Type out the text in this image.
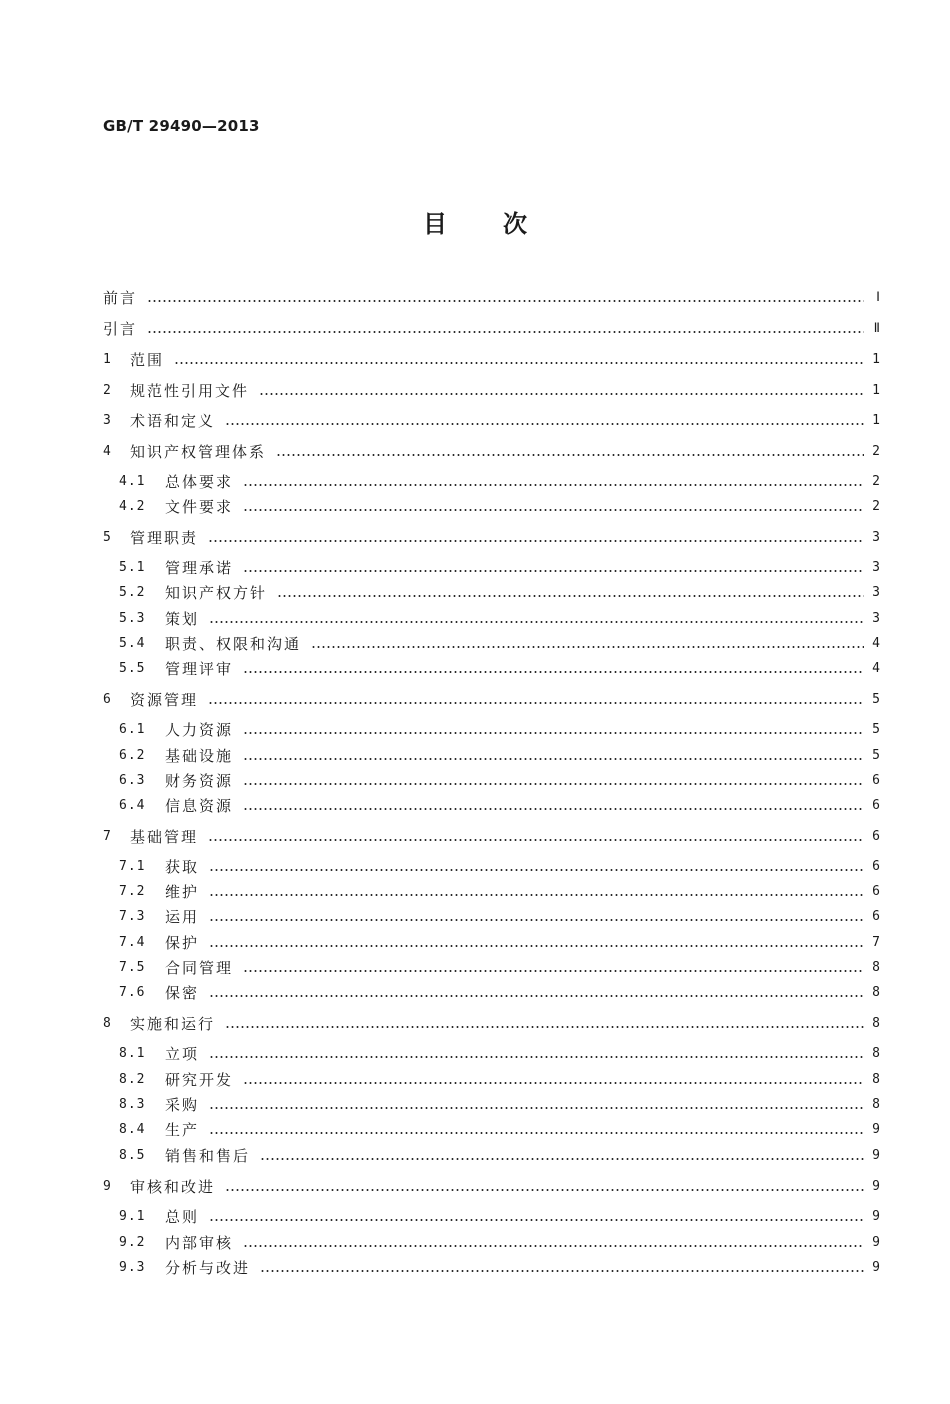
GB/T 29490—2013
目次
前言	Ⅰ
引言	Ⅱ
1	范围	1
2	规范性引用文件	1
3	术语和定义	1
4	知识产权管理体系	2
4.1	总体要求	2
4.2	文件要求	2
5	管理职责	3
5.1	管理承诺	3
5.2	知识产权方针	3
5.3	策划	3
5.4	职责、权限和沟通	4
5.5	管理评审	4
6	资源管理	5
6.1	人力资源	5
6.2	基础设施	5
6.3	财务资源	6
6.4	信息资源	6
7	基础管理	6
7.1	获取	6
7.2	维护	6
7.3	运用	6
7.4	保护	7
7.5	合同管理	8
7.6	保密	8
8	实施和运行	8
8.1	立项	8
8.2	研究开发	8
8.3	采购	8
8.4	生产	9
8.5	销售和售后	9
9	审核和改进	9
9.1	总则	9
9.2	内部审核	9
9.3	分析与改进	9
